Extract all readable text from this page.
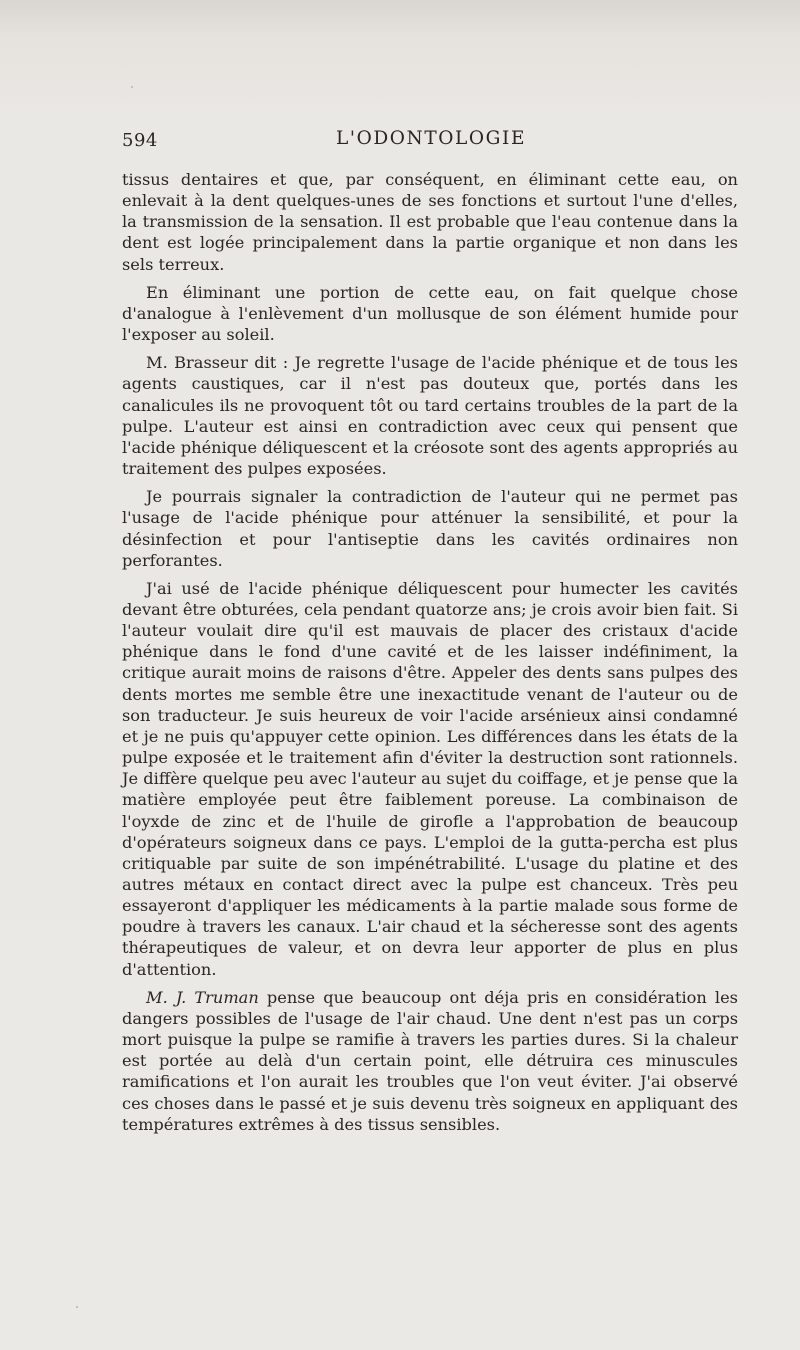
594	L'ODONTOLOGIE

tissus dentaires et que, par conséquent, en éliminant cette eau, on enlevait à la dent quelques-unes de ses fonctions et surtout l'une d'elles, la transmission de la sensation. Il est probable que l'eau contenue dans la dent est logée principalement dans la partie organique et non dans les sels terreux.

En éliminant une portion de cette eau, on fait quelque chose d'analogue à l'enlèvement d'un mollusque de son élément humide pour l'exposer au soleil.

M. Brasseur dit : Je regrette l'usage de l'acide phénique et de tous les agents caustiques, car il n'est pas douteux que, portés dans les canalicules ils ne provoquent tôt ou tard certains troubles de la part de la pulpe. L'auteur est ainsi en contradiction avec ceux qui pensent que l'acide phénique déliquescent et la créosote sont des agents appropriés au traitement des pulpes exposées.

Je pourrais signaler la contradiction de l'auteur qui ne permet pas l'usage de l'acide phénique pour atténuer la sensibilité, et pour la désinfection et pour l'antiseptie dans les cavités ordinaires non perforantes.

J'ai usé de l'acide phénique déliquescent pour humecter les cavités devant être obturées, cela pendant quatorze ans; je crois avoir bien fait. Si l'auteur voulait dire qu'il est mauvais de placer des cristaux d'acide phénique dans le fond d'une cavité et de les laisser indéfiniment, la critique aurait moins de raisons d'être. Appeler des dents sans pulpes des dents mortes me semble être une inexactitude venant de l'auteur ou de son traducteur. Je suis heureux de voir l'acide arsénieux ainsi condamné et je ne puis qu'appuyer cette opinion. Les différences dans les états de la pulpe exposée et le traitement afin d'éviter la destruction sont rationnels. Je diffère quelque peu avec l'auteur au sujet du coiffage, et je pense que la matière employée peut être faiblement poreuse. La combinaison de l'oyxde de zinc et de l'huile de girofle a l'approbation de beaucoup d'opérateurs soigneux dans ce pays. L'emploi de la gutta-percha est plus critiquable par suite de son impénétrabilité. L'usage du platine et des autres métaux en contact direct avec la pulpe est chanceux. Très peu essayeront d'appliquer les médicaments à la partie malade sous forme de poudre à travers les canaux. L'air chaud et la sécheresse sont des agents thérapeutiques de valeur, et on devra leur apporter de plus en plus d'attention.

M. J. Truman pense que beaucoup ont déja pris en considération les dangers possibles de l'usage de l'air chaud. Une dent n'est pas un corps mort puisque la pulpe se ramifie à travers les parties dures. Si la chaleur est portée au delà d'un certain point, elle détruira ces minuscules ramifications et l'on aurait les troubles que l'on veut éviter. J'ai observé ces choses dans le passé et je suis devenu très soigneux en appliquant des températures extrêmes à des tissus sensibles.
